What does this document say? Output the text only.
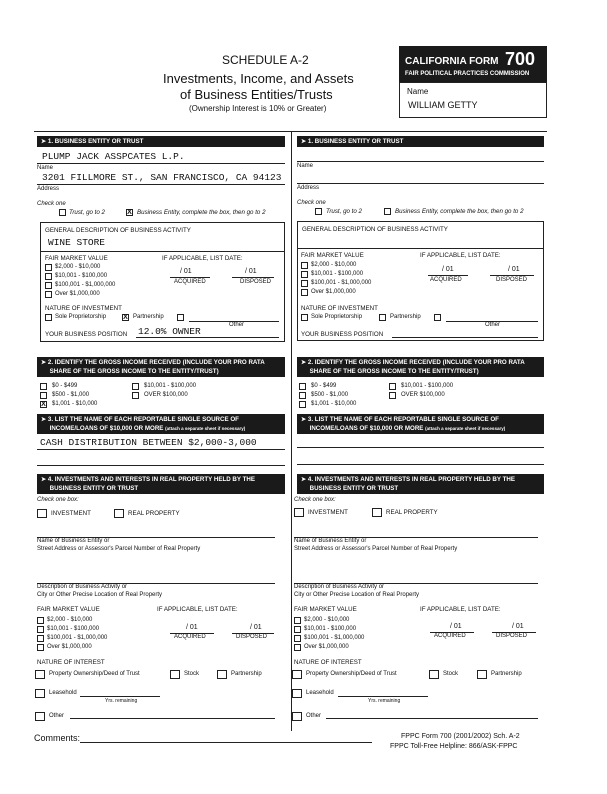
SCHEDULE A-2
Investments, Income, and Assets
of Business Entities/Trusts
(Ownership Interest is 10% or Greater)
CALIFORNIA FORM 700
FAIR POLITICAL PRACTICES COMMISSION
Name
WILLIAM GETTY
➤ 1. BUSINESS ENTITY OR TRUST
PLUMP JACK ASSPCATES L.P.
Name
3201 FILLMORE ST., SAN FRANCISCO, CA 94123
Address
Check one
Trust, go to 2	X Business Entity, complete the box, then go to 2
GENERAL DESCRIPTION OF BUSINESS ACTIVITY
WINE STORE
FAIR MARKET VALUE	IF APPLICABLE, LIST DATE:
$2,000 - $10,000
$10,001 - $100,000
$100,001 - $1,000,000
Over $1,000,000
/ 01
ACQUIRED
/ 01
DISPOSED
NATURE OF INVESTMENT
Sole Proprietorship X Partnership
Other
YOUR BUSINESS POSITION 12.0% OWNER
➤ 2. IDENTIFY THE GROSS INCOME RECEIVED (INCLUDE YOUR PRO RATA
SHARE OF THE GROSS INCOME TO THE ENTITY/TRUST)
$0 - $499
$500 - $1,000
X $1,001 - $10,000
$10,001 - $100,000
OVER $100,000
➤ 3. LIST THE NAME OF EACH REPORTABLE SINGLE SOURCE OF
INCOME/LOANS OF $10,000 OR MORE (attach a separate sheet if necessary)
CASH DISTRIBUTION BETWEEN $2,000-3,000
➤ 4. INVESTMENTS AND INTERESTS IN REAL PROPERTY HELD BY THE
BUSINESS ENTITY OR TRUST
Check one box:
INVESTMENT	REAL PROPERTY
Name of Business Entity or
Street Address or Assessor's Parcel Number of Real Property
Description of Business Activity or
City or Other Precise Location of Real Property
FAIR MARKET VALUE	IF APPLICABLE, LIST DATE:
$2,000 - $10,000
$10,001 - $100,000
$100,001 - $1,000,000
Over $1,000,000
/ 01
ACQUIRED
/ 01
DISPOSED
NATURE OF INTEREST
Property Ownership/Deed of Trust	Stock	Partnership
Leasehold
Yrs. remaining
Other
➤ 1. BUSINESS ENTITY OR TRUST
Name
Address
Check one
Trust, go to 2	Business Entity, complete the box, then go to 2
GENERAL DESCRIPTION OF BUSINESS ACTIVITY
FAIR MARKET VALUE	IF APPLICABLE, LIST DATE:
$2,000 - $10,000
$10,001 - $100,000
$100,001 - $1,000,000
Over $1,000,000
/ 01
ACQUIRED
/ 01
DISPOSED
NATURE OF INVESTMENT
Sole Proprietorship	Partnership
Other
YOUR BUSINESS POSITION
➤ 2. IDENTIFY THE GROSS INCOME RECEIVED (INCLUDE YOUR PRO RATA
SHARE OF THE GROSS INCOME TO THE ENTITY/TRUST)
$0 - $499
$500 - $1,000
$1,001 - $10,000
$10,001 - $100,000
OVER $100,000
➤ 3. LIST THE NAME OF EACH REPORTABLE SINGLE SOURCE OF
INCOME/LOANS OF $10,000 OR MORE (attach a separate sheet if necessary)
➤ 4. INVESTMENTS AND INTERESTS IN REAL PROPERTY HELD BY THE
BUSINESS ENTITY OR TRUST
Check one box:
INVESTMENT	REAL PROPERTY
Name of Business Entity or
Street Address or Assessor's Parcel Number of Real Property
Description of Business Activity or
City or Other Precise Location of Real Property
FAIR MARKET VALUE	IF APPLICABLE, LIST DATE:
$2,000 - $10,000
$10,001 - $100,000
$100,001 - $1,000,000
Over $1,000,000
/ 01
ACQUIRED
/ 01
DISPOSED
NATURE OF INTEREST
Property Ownership/Deed of Trust	Stock	Partnership
Leasehold
Yrs. remaining
Other
Comments:	FPPC Form 700 (2001/2002) Sch. A-2
FPPC Toll-Free Helpline: 866/ASK-FPPC
